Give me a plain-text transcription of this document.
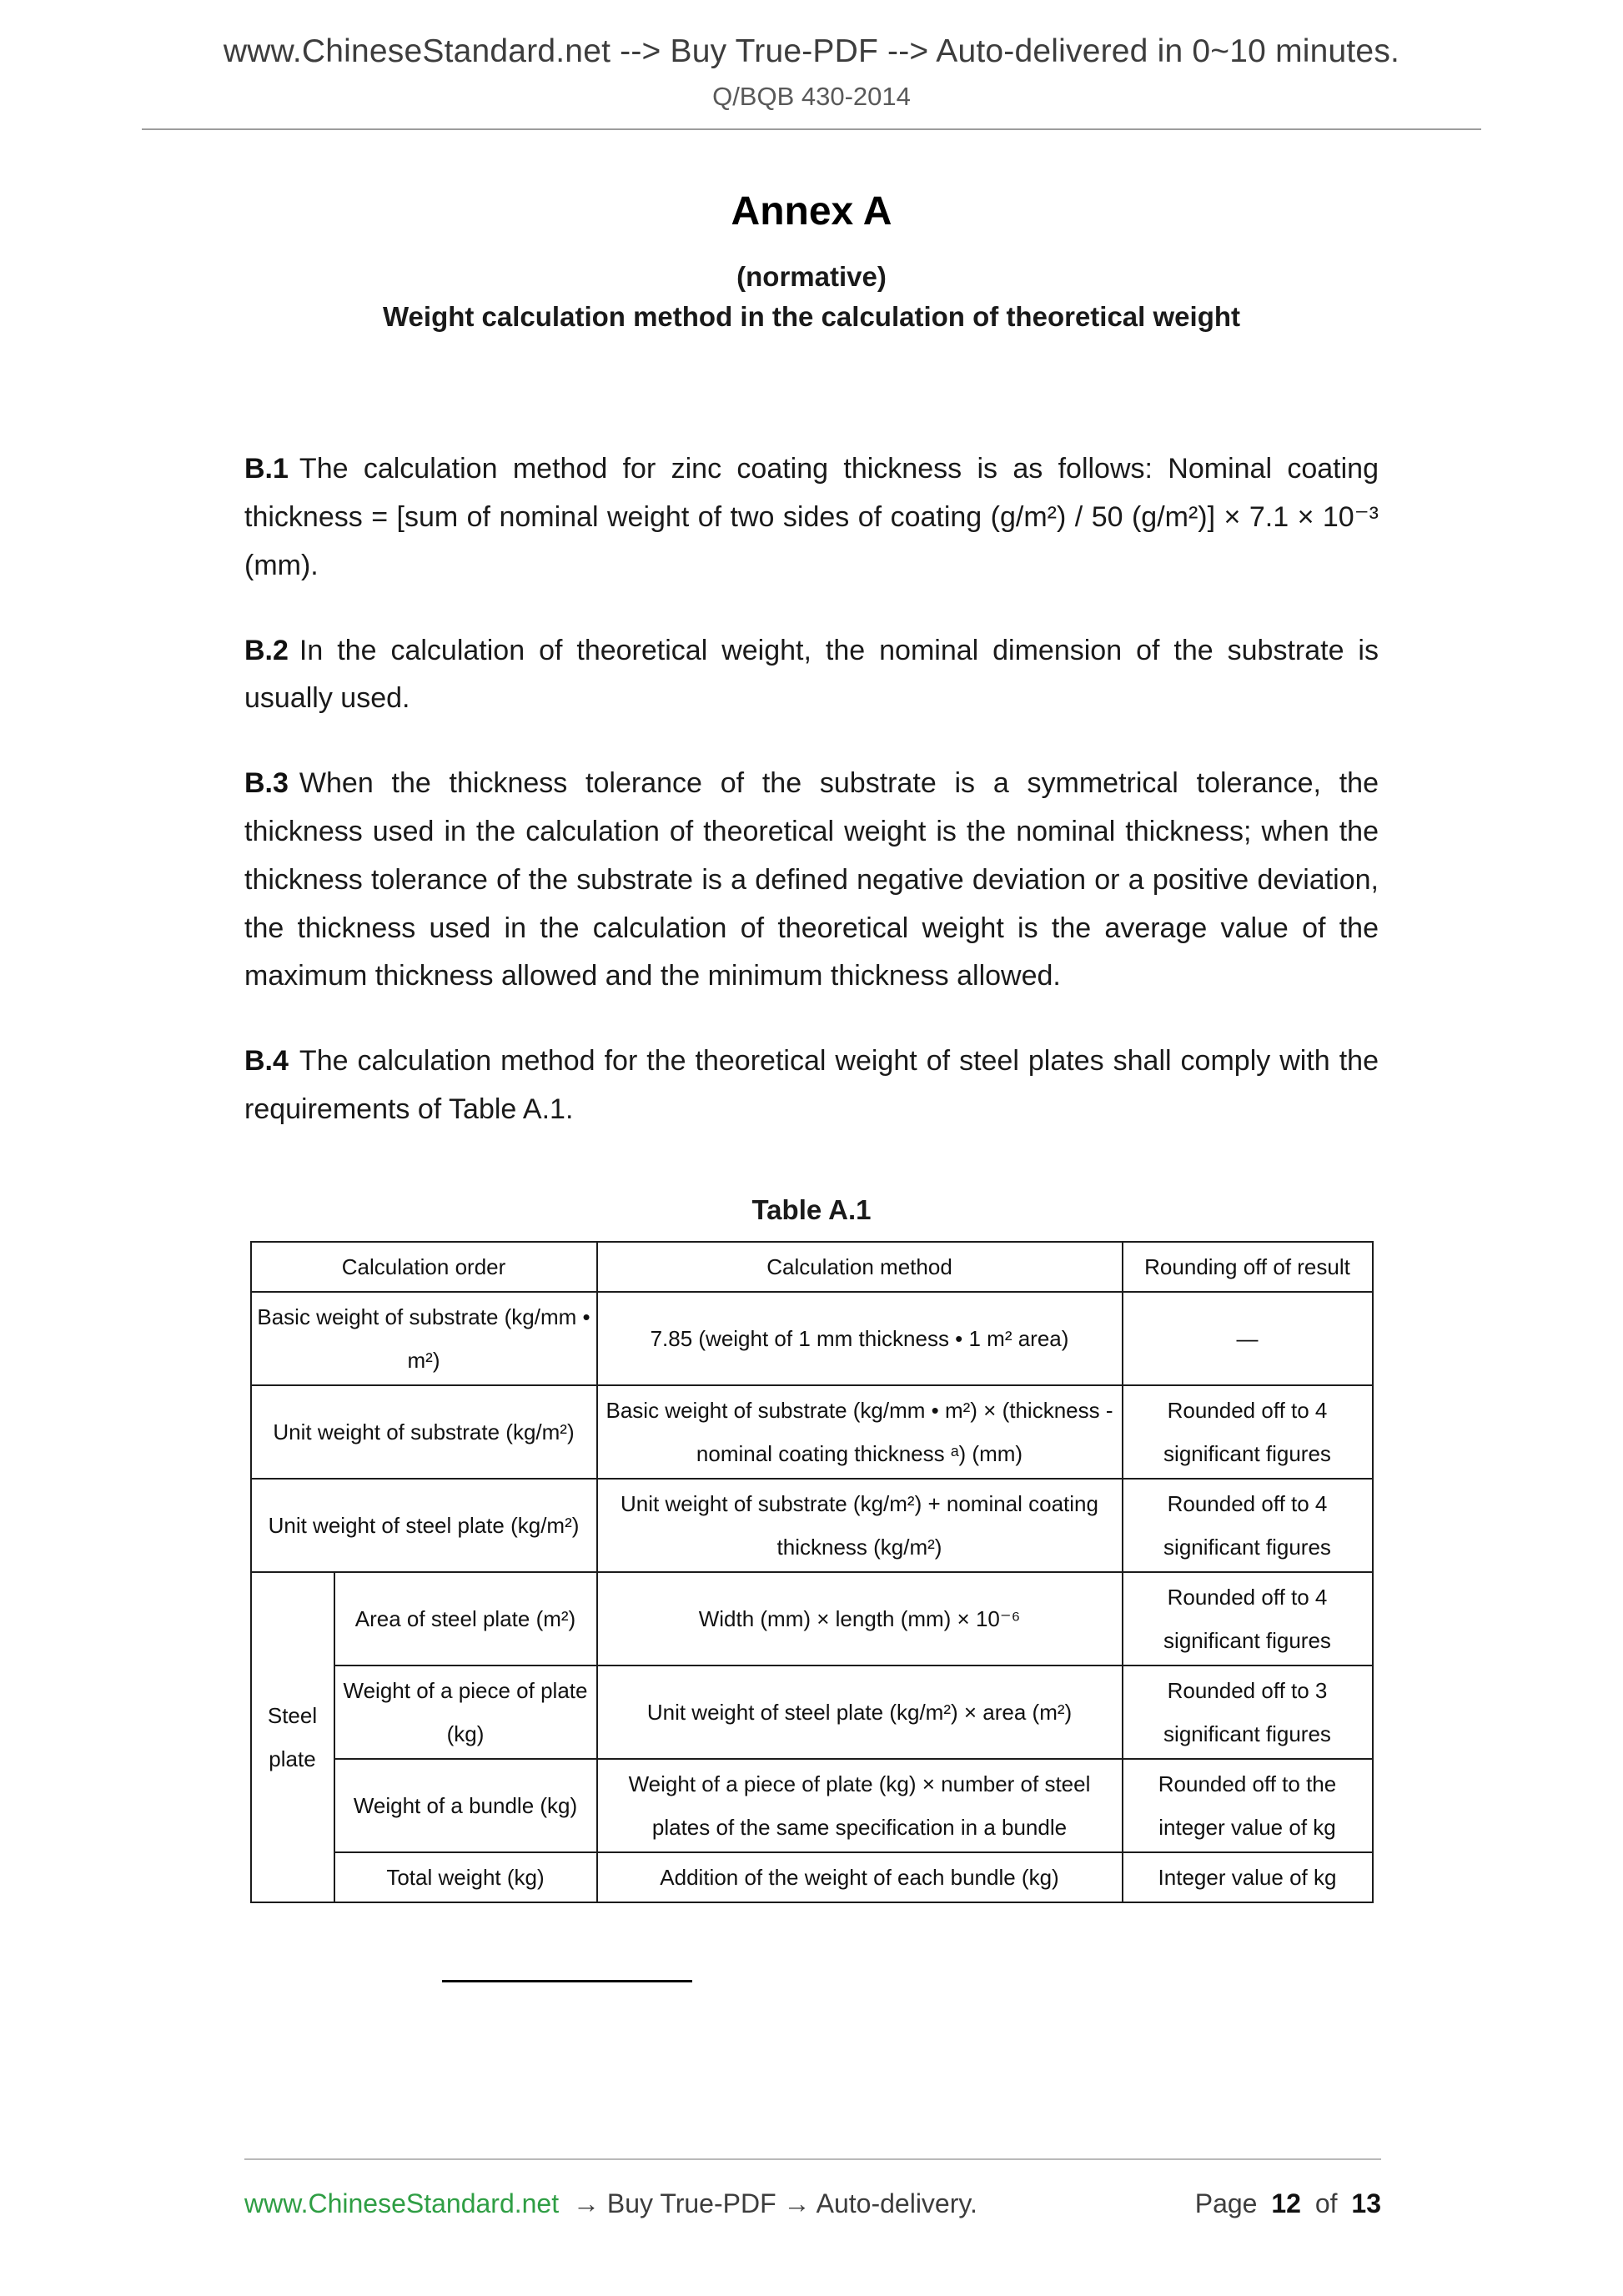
www.ChineseStandard.net --> Buy True-PDF --> Auto-delivered in 0~10 minutes.
Q/BQB 430-2014
Annex A
(normative)
Weight calculation method in the calculation of theoretical weight

B.1 The calculation method for zinc coating thickness is as follows: Nominal coating thickness = [sum of nominal weight of two sides of coating (g/m²) / 50 (g/m²)] × 7.1 × 10⁻³ (mm).

B.2 In the calculation of theoretical weight, the nominal dimension of the substrate is usually used.

B.3 When the thickness tolerance of the substrate is a symmetrical tolerance, the thickness used in the calculation of theoretical weight is the nominal thickness; when the thickness tolerance of the substrate is a defined negative deviation or a positive deviation, the thickness used in the calculation of theoretical weight is the average value of the maximum thickness allowed and the minimum thickness allowed.

B.4 The calculation method for the theoretical weight of steel plates shall comply with the requirements of Table A.1.

Table A.1
Calculation order		Calculation method	Rounding off of result
Basic weight of substrate (kg/mm • m²)		7.85 (weight of 1 mm thickness • 1 m² area)	—
Unit weight of substrate (kg/m²)		Basic weight of substrate (kg/mm • m²) × (thickness - nominal coating thickness ᵃ) (mm)	Rounded off to 4 significant figures
Unit weight of steel plate (kg/m²)		Unit weight of substrate (kg/m²) + nominal coating thickness (kg/m²)	Rounded off to 4 significant figures
Steel plate	Area of steel plate (m²)	Width (mm) × length (mm) × 10⁻⁶	Rounded off to 4 significant figures
	Weight of a piece of plate (kg)	Unit weight of steel plate (kg/m²) × area (m²)	Rounded off to 3 significant figures
	Weight of a bundle (kg)	Weight of a piece of plate (kg) × number of steel plates of the same specification in a bundle	Rounded off to the integer value of kg
	Total weight (kg)	Addition of the weight of each bundle (kg)	Integer value of kg
www.ChineseStandard.net → Buy True-PDF → Auto-delivery.	Page 12 of 13
